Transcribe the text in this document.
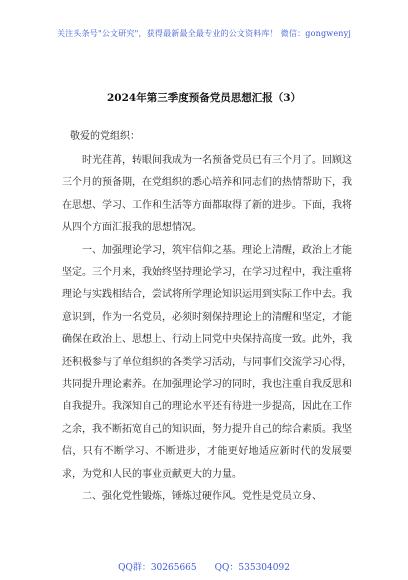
关注头条号"公文研究"，获得最新最全最专业的公文资料库！ 微信：gongwenyj
2024年第三季度预备党员思想汇报（3）
敬爱的党组织：

时光荏苒，转眼间我成为一名预备党员已有三个月了。回顾这三个月的预备期，在党组织的悉心培养和同志们的热情帮助下，我在思想、学习、工作和生活等方面都取得了新的进步。下面，我将从四个方面汇报我的思想情况。

一、加强理论学习，筑牢信仰之基。理论上清醒，政治上才能坚定。三个月来，我始终坚持理论学习，在学习过程中，我注重将理论与实践相结合，尝试将所学理论知识运用到实际工作中去。我意识到，作为一名党员，必须时刻保持理论上的清醒和坚定，才能确保在政治上、思想上、行动上同党中央保持高度一致。此外，我还积极参与了单位组织的各类学习活动，与同事们交流学习心得，共同提升理论素养。在加强理论学习的同时，我也注重自我反思和自我提升。我深知自己的理论水平还有待进一步提高，因此在工作之余，我不断拓宽自己的知识面，努力提升自己的综合素质。我坚信，只有不断学习、不断进步，才能更好地适应新时代的发展要求，为党和人民的事业贡献更大的力量。

二、强化党性锻炼，锤炼过硬作风。党性是党员立身、

QQ群：30265665 QQ：535304092
